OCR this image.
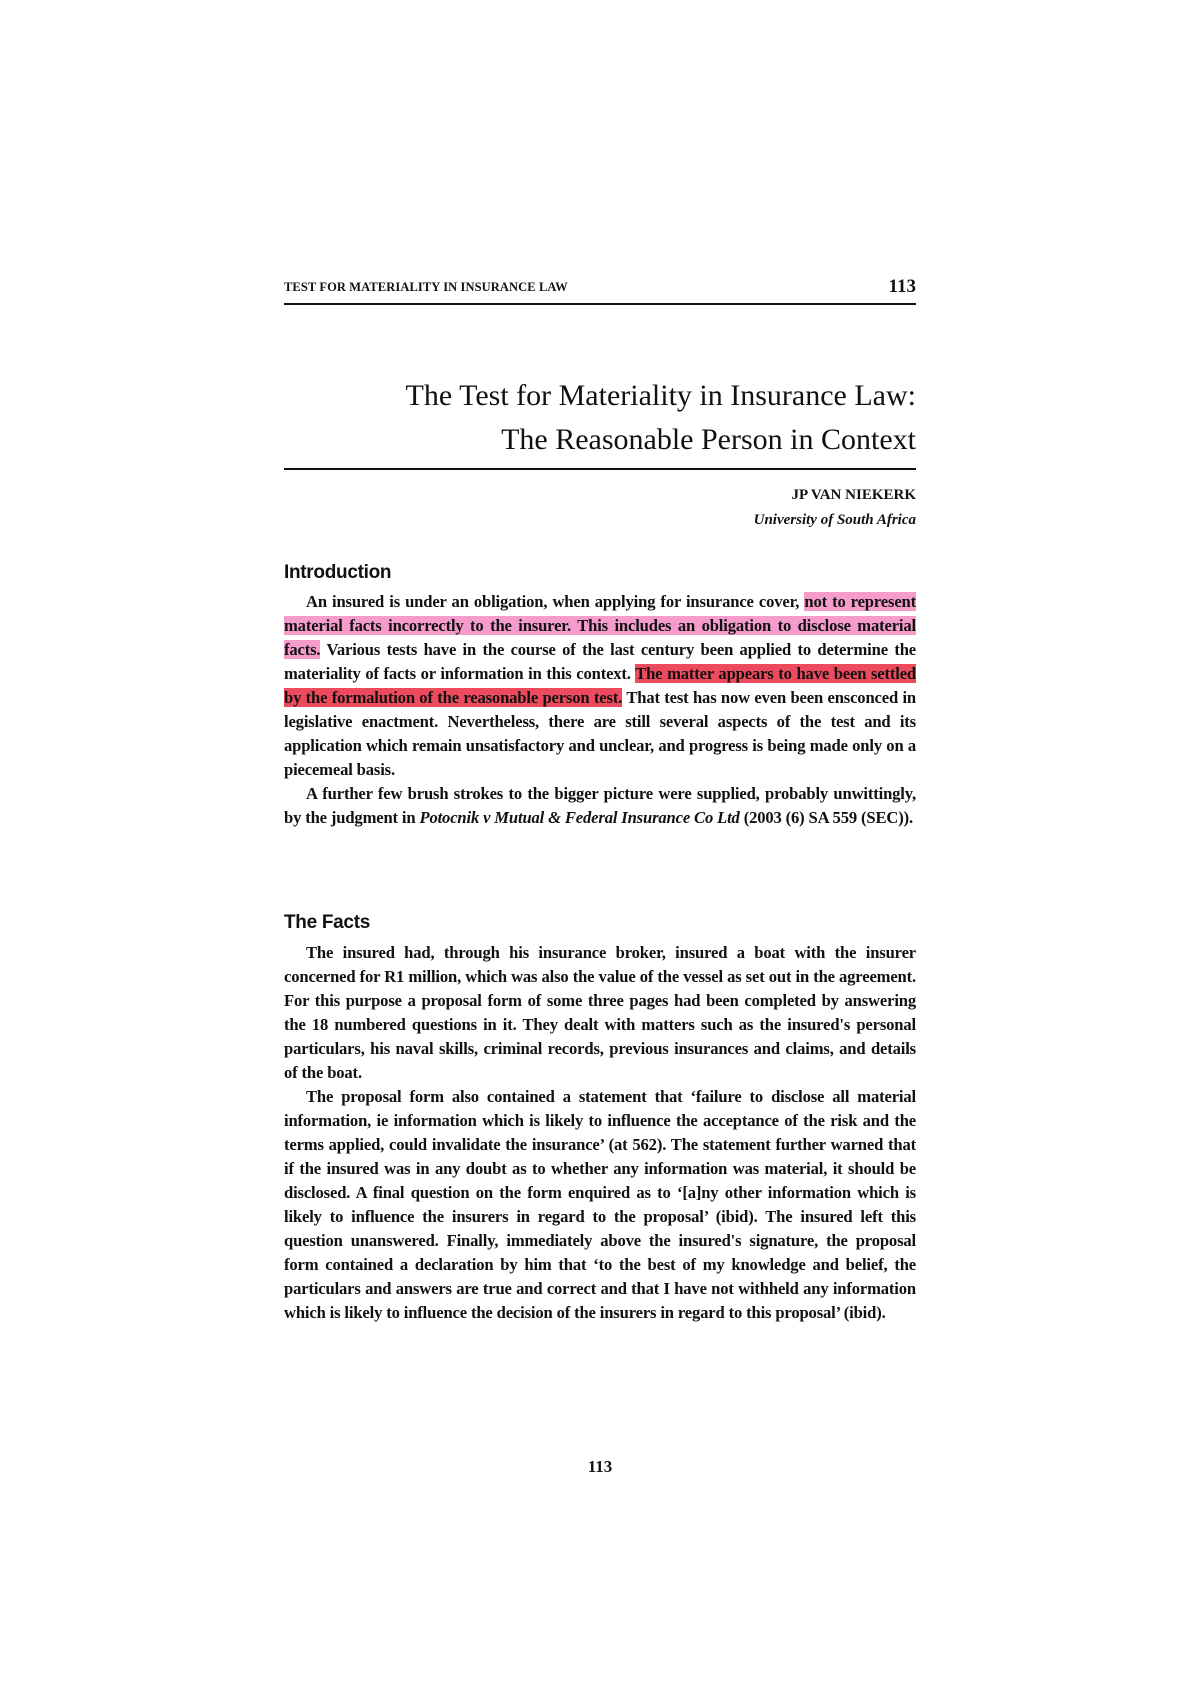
TEST FOR MATERIALITY IN INSURANCE LAW	113
The Test for Materiality in Insurance Law:
The Reasonable Person in Context
JP VAN NIEKERK
University of South Africa
Introduction

An insured is under an obligation, when applying for insurance cover, not to represent material facts incorrectly to the insurer. This includes an obligation to disclose material facts. Various tests have in the course of the last century been applied to determine the materiality of facts or information in this context. The matter appears to have been settled by the formalution of the reasonable person test. That test has now even been ensconced in legislative enactment. Nevertheless, there are still several aspects of the test and its application which remain unsatisfactory and unclear, and progress is being made only on a piecemeal basis.

A further few brush strokes to the bigger picture were supplied, probably unwittingly, by the judgment in Potocnik v Mutual & Federal Insurance Co Ltd (2003 (6) SA 559 (SEC)).

The Facts

The insured had, through his insurance broker, insured a boat with the insurer concerned for R1 million, which was also the value of the vessel as set out in the agreement. For this purpose a proposal form of some three pages had been completed by answering the 18 numbered questions in it. They dealt with matters such as the insured's personal particulars, his naval skills, criminal records, previous insurances and claims, and details of the boat.

The proposal form also contained a statement that ‘failure to disclose all material information, ie information which is likely to influence the acceptance of the risk and the terms applied, could invalidate the insurance’ (at 562). The statement further warned that if the insured was in any doubt as to whether any information was material, it should be disclosed. A final question on the form enquired as to ‘[a]ny other information which is likely to influence the insurers in regard to the proposal’ (ibid). The insured left this question unanswered. Finally, immediately above the insured's signature, the proposal form contained a declaration by him that ‘to the best of my knowledge and belief, the particulars and answers are true and correct and that I have not withheld any information which is likely to influence the decision of the insurers in regard to this proposal’ (ibid).

113
